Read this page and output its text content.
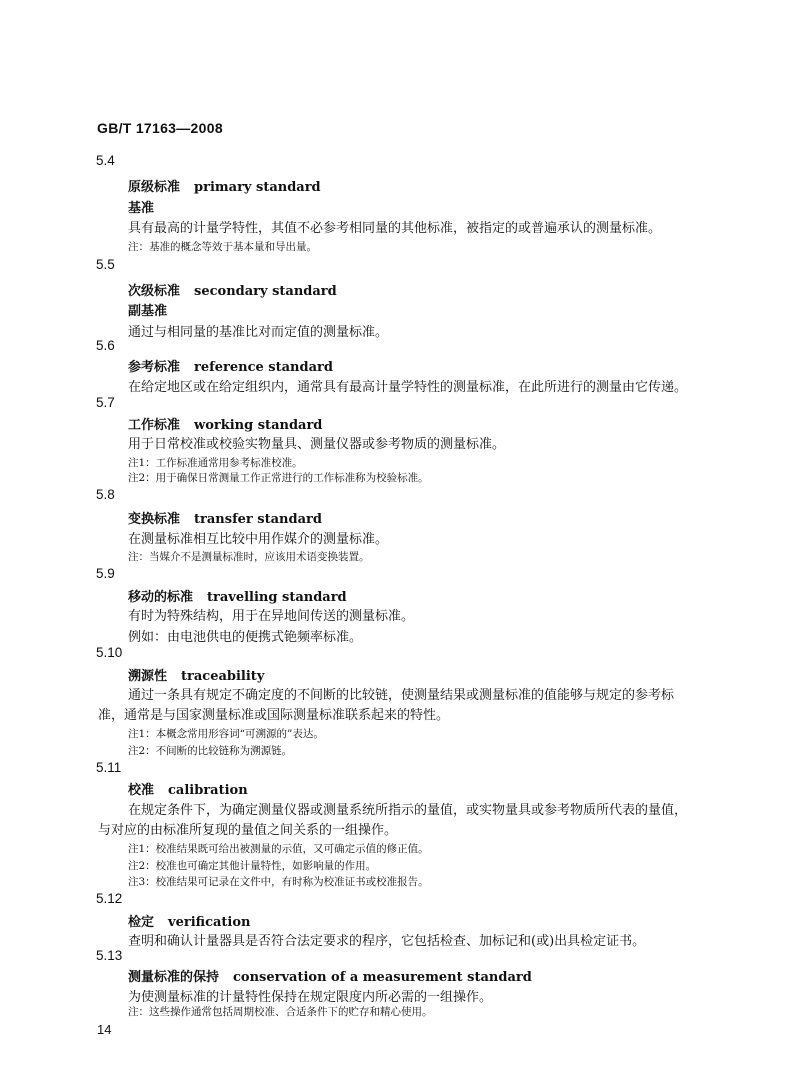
GB/T 17163—2008
5.4
原级标准 primary standard
基准
具有最高的计量学特性，其值不必参考相同量的其他标准，被指定的或普遍承认的测量标准。
注：基准的概念等效于基本量和导出量。
5.5
次级标准 secondary standard
副基准
通过与相同量的基准比对而定值的测量标准。
5.6
参考标准 reference standard
在给定地区或在给定组织内，通常具有最高计量学特性的测量标准，在此所进行的测量由它传递。
5.7
工作标准 working standard
用于日常校准或校验实物量具、测量仪器或参考物质的测量标准。
注1：工作标准通常用参考标准校准。
注2：用于确保日常测量工作正常进行的工作标准称为校验标准。
5.8
变换标准 transfer standard
在测量标准相互比较中用作媒介的测量标准。
注：当媒介不是测量标准时，应该用术语变换装置。
5.9
移动的标准 travelling standard
有时为特殊结构，用于在异地间传送的测量标准。
例如：由电池供电的便携式铯频率标准。
5.10
溯源性 traceability
通过一条具有规定不确定度的不间断的比较链，使测量结果或测量标准的值能够与规定的参考标
准，通常是与国家测量标准或国际测量标准联系起来的特性。
注1：本概念常用形容词“可溯源的”表达。
注2：不间断的比较链称为溯源链。
5.11
校准 calibration
在规定条件下，为确定测量仪器或测量系统所指示的量值，或实物量具或参考物质所代表的量值，
与对应的由标准所复现的量值之间关系的一组操作。
注1：校准结果既可给出被测量的示值，又可确定示值的修正值。
注2：校准也可确定其他计量特性，如影响量的作用。
注3：校准结果可记录在文件中，有时称为校准证书或校准报告。
5.12
检定 verification
查明和确认计量器具是否符合法定要求的程序，它包括检查、加标记和(或)出具检定证书。
5.13
测量标准的保持 conservation of a measurement standard
为使测量标准的计量特性保持在规定限度内所必需的一组操作。
注：这些操作通常包括周期校准、合适条件下的贮存和精心使用。
14
